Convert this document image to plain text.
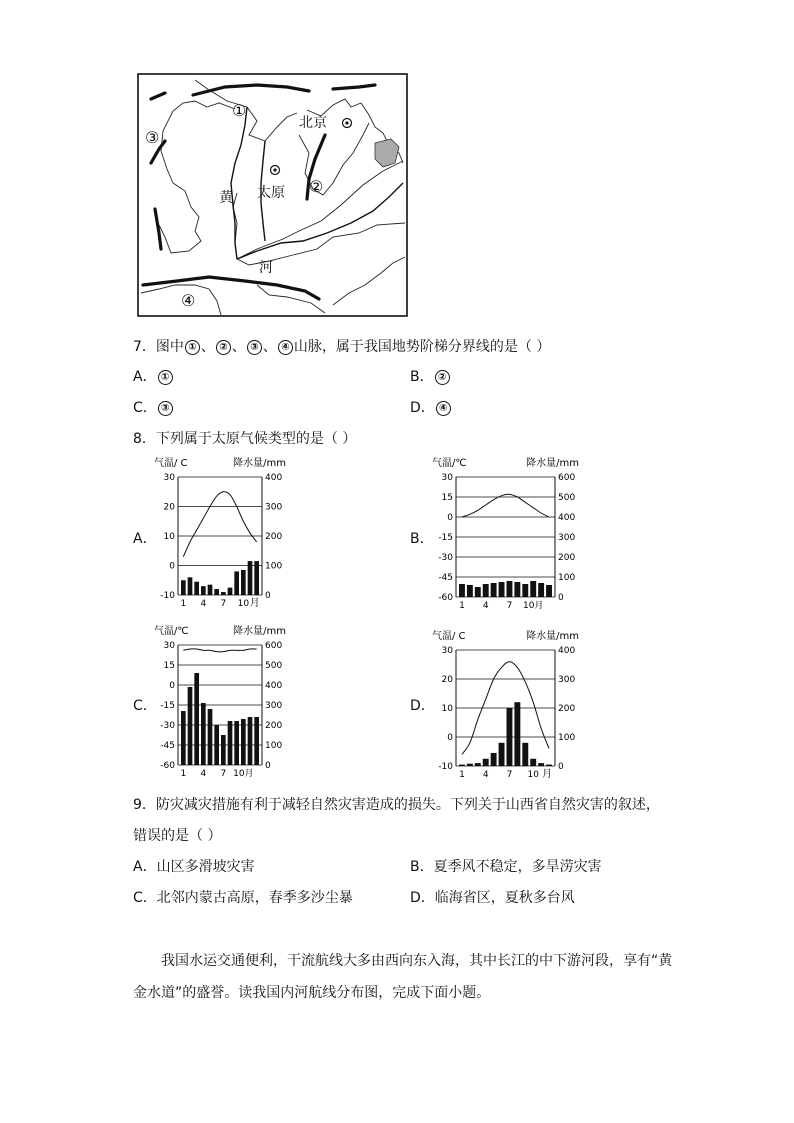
北京
太原
黄
河
①
②
③
④
7．图中 ① 、 ② 、 ③ 、 ④ 山脉，属于我国地势阶梯分界线的是（ ）
A． ①	B． ②
C． ③	D． ④
8．下列属于太原气候类型的是（ ）
A．	B．
C．	D．
气温/ C	降水量/mm
30
20
10
0
-10
400
300
200
100
0
1 4 7 10 月
气温/℃	降水量/mm
30
15
0
-15
-30
-45
-60
600
500
400
300
200
100
0
1 4 7 10月
气温/℃	降水量/mm
30
15
0
-15
-30
-45
-60
600
500
400
300
200
100
0
1 4 7 10月
气温/ C	降水量/mm
30
20
10
0
-10
400
300
200
100
0
1 4 7 10 月
9．防灾减灾措施有利于减轻自然灾害造成的损失。下列关于山西省自然灾害的叙述，
错误的是（ ）
A．山区多滑坡灾害	B．夏季风不稳定，多旱涝灾害
C．北邻内蒙古高原，春季多沙尘暴	D．临海省区，夏秋多台风
我国水运交通便利，干流航线大多由西向东入海，其中长江的中下游河段，享有“黄
金水道”的盛誉。读我国内河航线分布图，完成下面小题。
